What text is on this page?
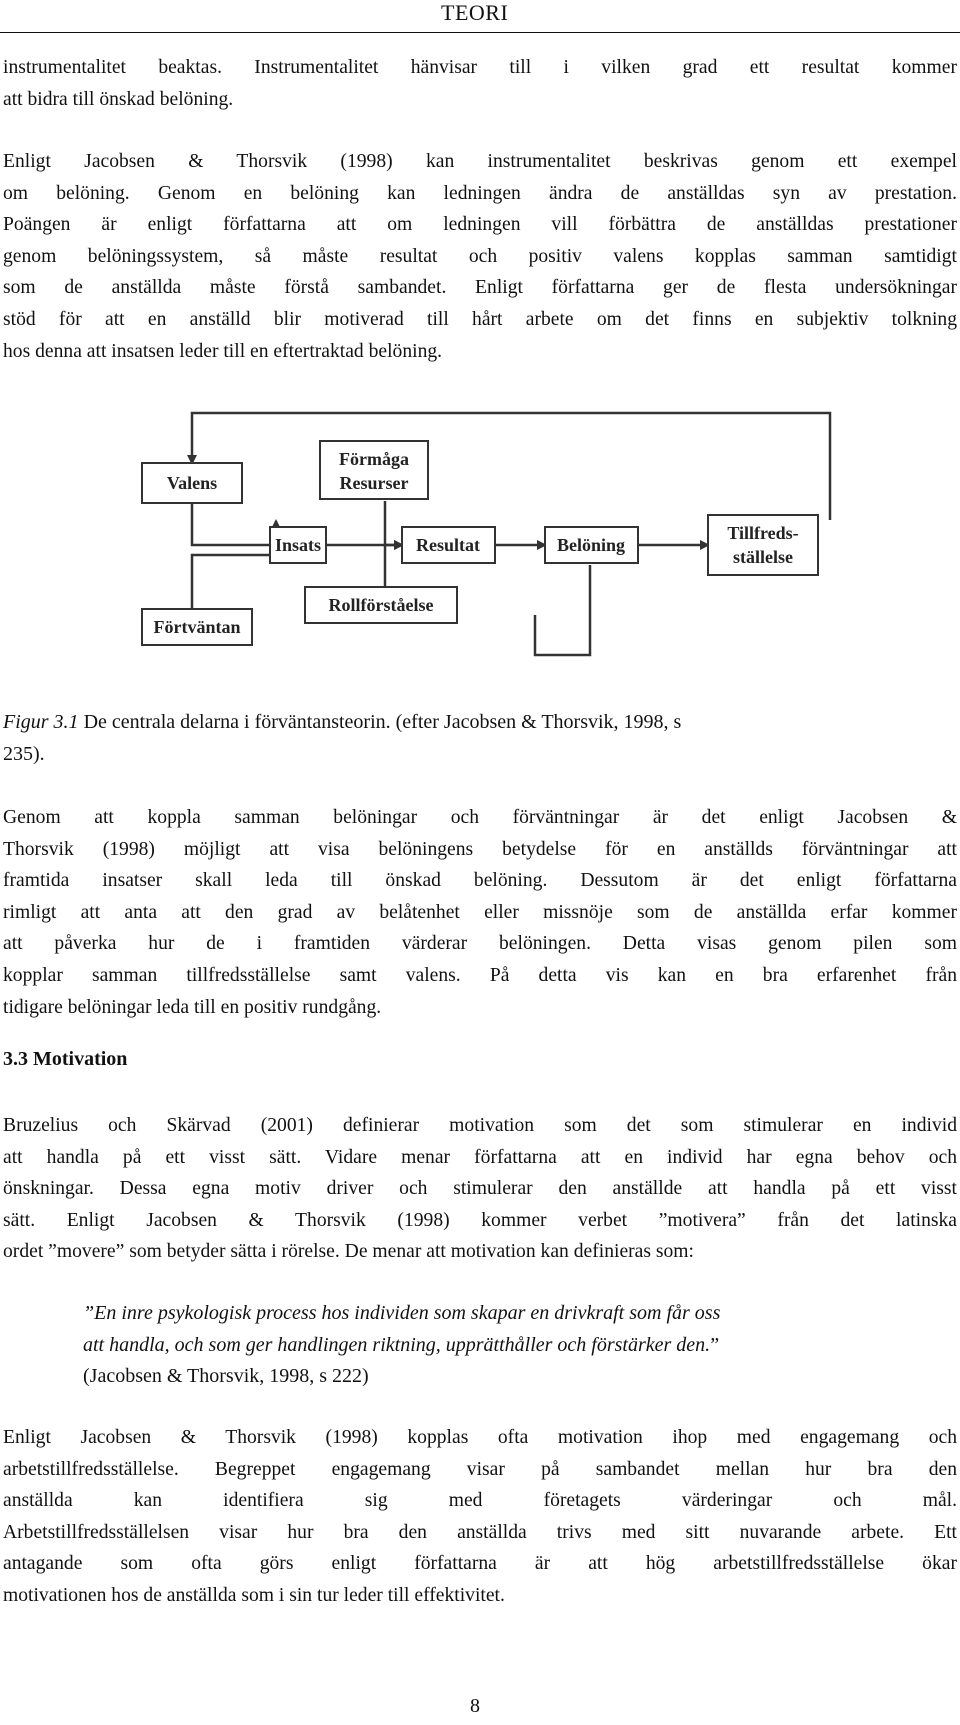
TEORI

instrumentalitet beaktas. Instrumentalitet hänvisar till i vilken grad ett resultat kommer
att bidra till önskad belöning.

Enligt Jacobsen & Thorsvik (1998) kan instrumentalitet beskrivas genom ett exempel
om belöning. Genom en belöning kan ledningen ändra de anställdas syn av prestation.
Poängen är enligt författarna att om ledningen vill förbättra de anställdas prestationer
genom belöningssystem, så måste resultat och positiv valens kopplas samman samtidigt
som de anställda måste förstå sambandet. Enligt författarna ger de flesta undersökningar
stöd för att en anställd blir motiverad till hårt arbete om det finns en subjektiv tolkning
hos denna att insatsen leder till en eftertraktad belöning.

Valens
Förmåga
Resurser
Insats	Resultat	Belöning
Tillfreds-
ställelse
Rollförståelse
Förtväntan
Figur 3.1 De centrala delarna i förväntansteorin. (efter Jacobsen & Thorsvik, 1998, s
235).

Genom att koppla samman belöningar och förväntningar är det enligt Jacobsen &
Thorsvik (1998) möjligt att visa belöningens betydelse för en anställds förväntningar att
framtida insatser skall leda till önskad belöning. Dessutom är det enligt författarna
rimligt att anta att den grad av belåtenhet eller missnöje som de anställda erfar kommer
att påverka hur de i framtiden värderar belöningen. Detta visas genom pilen som
kopplar samman tillfredsställelse samt valens. På detta vis kan en bra erfarenhet från
tidigare belöningar leda till en positiv rundgång.

3.3 Motivation

Bruzelius och Skärvad (2001) definierar motivation som det som stimulerar en individ
att handla på ett visst sätt. Vidare menar författarna att en individ har egna behov och
önskningar. Dessa egna motiv driver och stimulerar den anställde att handla på ett visst
sätt. Enligt Jacobsen & Thorsvik (1998) kommer verbet ”motivera” från det latinska
ordet ”movere” som betyder sätta i rörelse. De menar att motivation kan definieras som:

”En inre psykologisk process hos individen som skapar en drivkraft som får oss
att handla, och som ger handlingen riktning, upprätthåller och förstärker den.”
(Jacobsen & Thorsvik, 1998, s 222)

Enligt Jacobsen & Thorsvik (1998) kopplas ofta motivation ihop med engagemang och
arbetstillfredsställelse. Begreppet engagemang visar på sambandet mellan hur bra den
anställda kan identifiera sig med företagets värderingar och mål.
Arbetstillfredsställelsen visar hur bra den anställda trivs med sitt nuvarande arbete. Ett
antagande som ofta görs enligt författarna är att hög arbetstillfredsställelse ökar
motivationen hos de anställda som i sin tur leder till effektivitet.

8
